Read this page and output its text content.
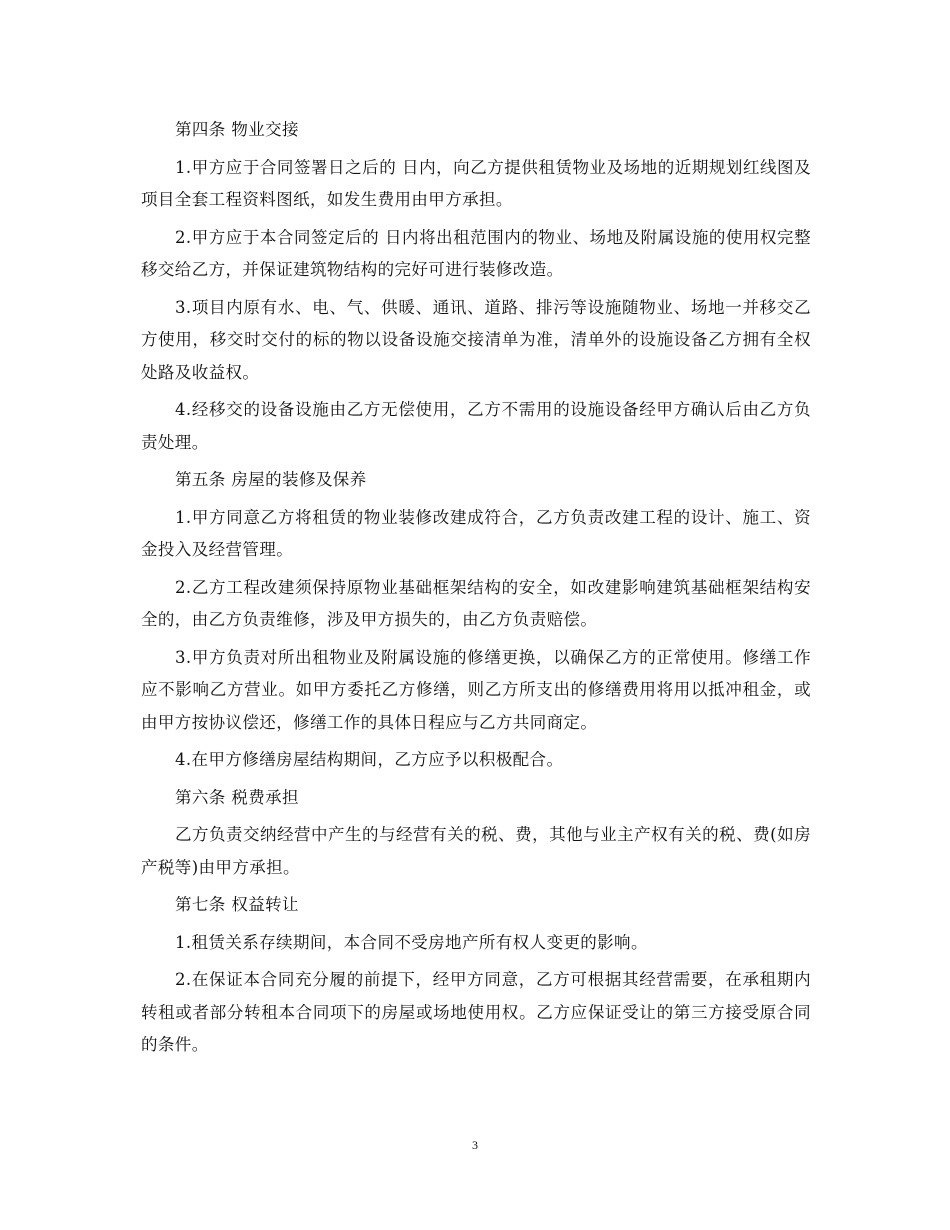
第四条 物业交接

1.甲方应于合同签署日之后的 日内，向乙方提供租赁物业及场地的近期规划红线图及项目全套工程资料图纸，如发生费用由甲方承担。

2.甲方应于本合同签定后的 日内将出租范围内的物业、场地及附属设施的使用权完整移交给乙方，并保证建筑物结构的完好可进行装修改造。

3.项目内原有水、电、气、供暖、通讯、道路、排污等设施随物业、场地一并移交乙方使用，移交时交付的标的物以设备设施交接清单为准，清单外的设施设备乙方拥有全权处路及收益权。

4.经移交的设备设施由乙方无偿使用，乙方不需用的设施设备经甲方确认后由乙方负责处理。

第五条 房屋的装修及保养

1.甲方同意乙方将租赁的物业装修改建成符合，乙方负责改建工程的设计、施工、资金投入及经营管理。

2.乙方工程改建须保持原物业基础框架结构的安全，如改建影响建筑基础框架结构安全的，由乙方负责维修，涉及甲方损失的，由乙方负责赔偿。

3.甲方负责对所出租物业及附属设施的修缮更换，以确保乙方的正常使用。修缮工作应不影响乙方营业。如甲方委托乙方修缮，则乙方所支出的修缮费用将用以抵冲租金，或由甲方按协议偿还，修缮工作的具体日程应与乙方共同商定。

4.在甲方修缮房屋结构期间，乙方应予以积极配合。

第六条 税费承担

乙方负责交纳经营中产生的与经营有关的税、费，其他与业主产权有关的税、费(如房产税等)由甲方承担。

第七条 权益转让

1.租赁关系存续期间，本合同不受房地产所有权人变更的影响。

2.在保证本合同充分履的前提下，经甲方同意，乙方可根据其经营需要，在承租期内转租或者部分转租本合同项下的房屋或场地使用权。乙方应保证受让的第三方接受原合同的条件。

3
